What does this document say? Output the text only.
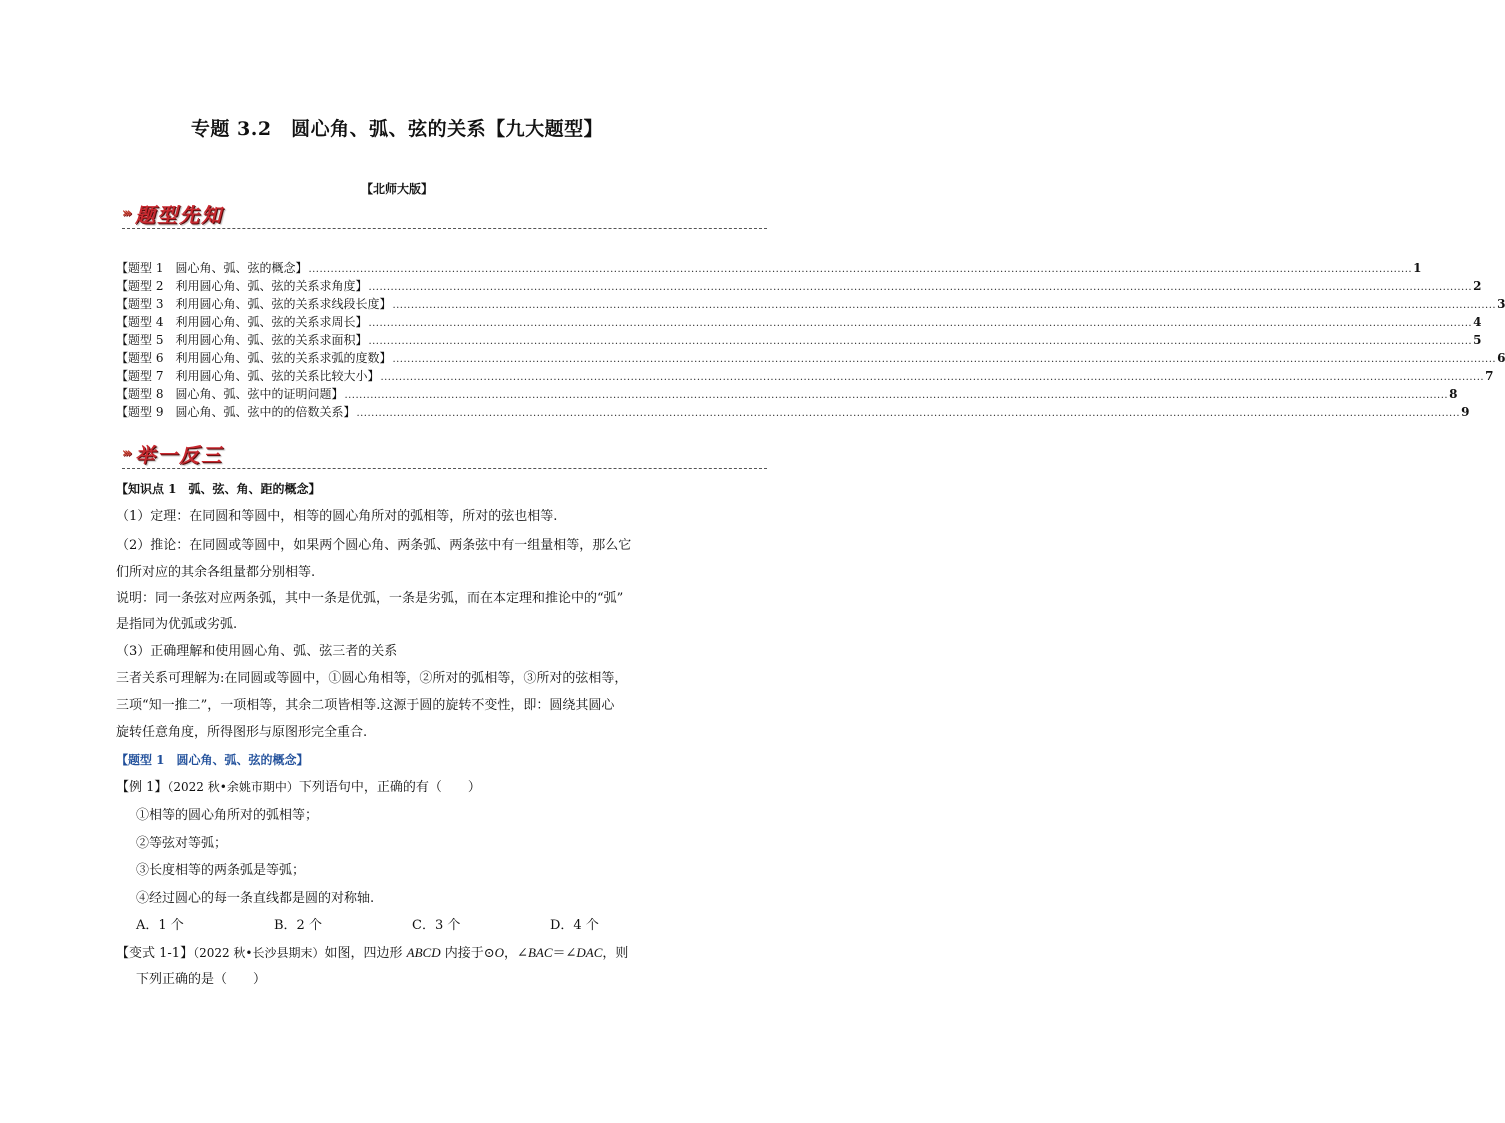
专题 3.2　圆心角、弧、弦的关系【九大题型】
【北师大版】
››› 题型先知
【题型 1　圆心角、弧、弦的概念】 ............................................................................................................................................................................................................................................................................................................ 1
【题型 2　利用圆心角、弧、弦的关系求角度】 ............................................................................................................................................................................................................................................................................................................ 2
【题型 3　利用圆心角、弧、弦的关系求线段长度】 ............................................................................................................................................................................................................................................................................................................ 3
【题型 4　利用圆心角、弧、弦的关系求周长】 ............................................................................................................................................................................................................................................................................................................ 4
【题型 5　利用圆心角、弧、弦的关系求面积】 ............................................................................................................................................................................................................................................................................................................ 5
【题型 6　利用圆心角、弧、弦的关系求弧的度数】 ............................................................................................................................................................................................................................................................................................................ 6
【题型 7　利用圆心角、弧、弦的关系比较大小】 ............................................................................................................................................................................................................................................................................................................ 7
【题型 8　圆心角、弧、弦中的证明问题】 ............................................................................................................................................................................................................................................................................................................ 8
【题型 9　圆心角、弧、弦中的的倍数关系】 ............................................................................................................................................................................................................................................................................................................ 9
››› 举一反三
【知识点 1　弧、弦、角、距的概念】
（1）定理：在同圆和等圆中，相等的圆心角所对的弧相等，所对的弦也相等.
（2）推论：在同圆或等圆中，如果两个圆心角、两条弧、两条弦中有一组量相等，那么它
们所对应的其余各组量都分别相等.
说明：同一条弦对应两条弧，其中一条是优弧，一条是劣弧，而在本定理和推论中的“弧”
是指同为优弧或劣弧.
（3）正确理解和使用圆心角、弧、弦三者的关系
三者关系可理解为:在同圆或等圆中，①圆心角相等，②所对的弧相等，③所对的弦相等，
三项“知一推二”，一项相等，其余二项皆相等.这源于圆的旋转不变性，即：圆绕其圆心
旋转任意角度，所得图形与原图形完全重合.
【题型 1　圆心角、弧、弦的概念】
【例 1】（2022 秋•余姚市期中）下列语句中，正确的有（　　）
①相等的圆心角所对的弧相等；
②等弦对等弧；
③长度相等的两条弧是等弧；
④经过圆心的每一条直线都是圆的对称轴.
A．1 个	B．2 个	C．3 个	D．4 个
【变式 1-1】（2022 秋•长沙县期末）如图，四边形 ABCD 内接于⊙O，∠BAC＝∠DAC，则
下列正确的是（　　）
